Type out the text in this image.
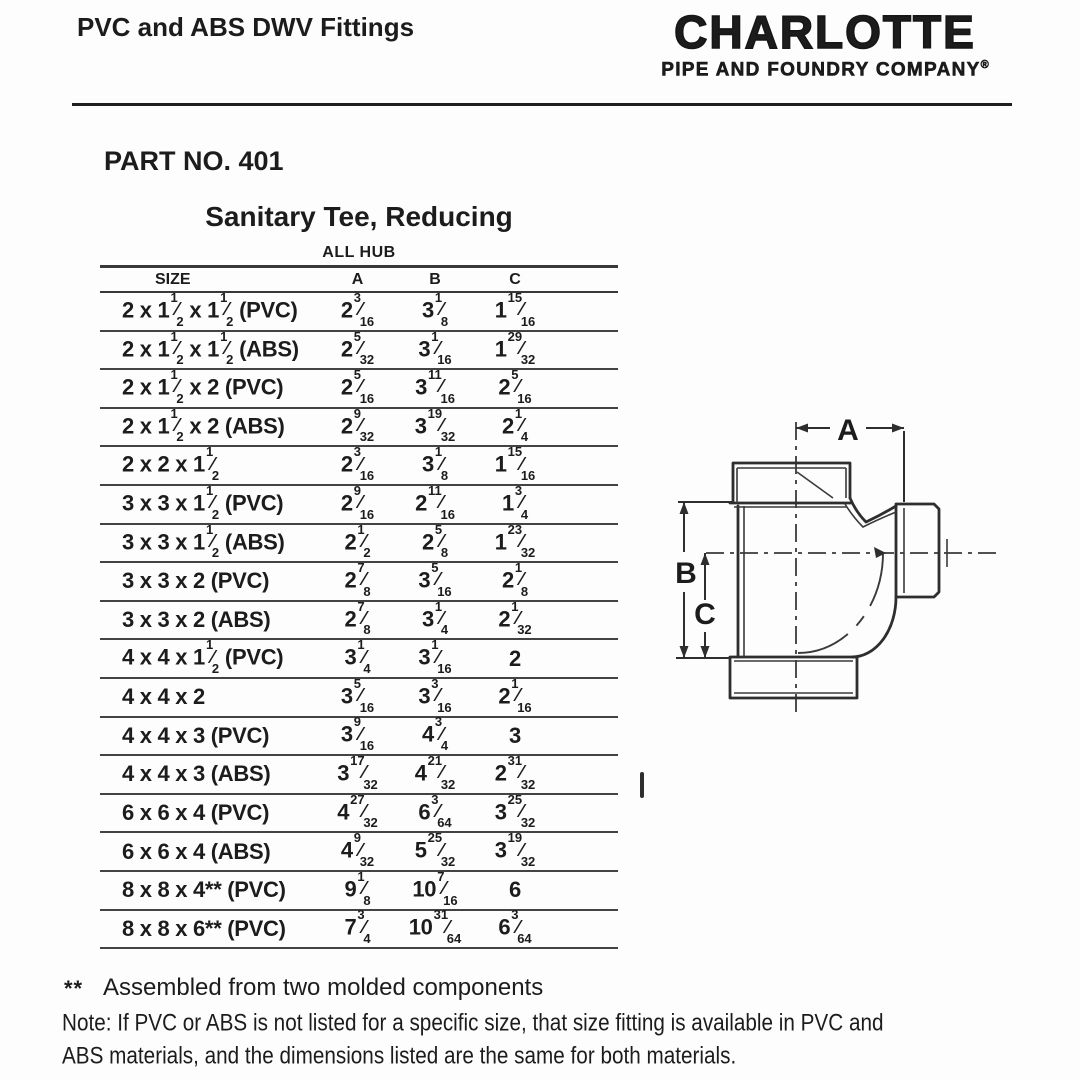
PVC and ABS DWV Fittings	CHARLOTTE
PIPE AND FOUNDRY COMPANY®
PART NO. 401
Sanitary Tee, Reducing
ALL HUB
SIZE	A	B	C
2 x $1^1⁄_2$ x $1^1⁄_2$ (PVC)	$2^3⁄_{16}$	$3^1⁄_8$	$1^{15}⁄_{16}$
2 x $1^1⁄_2$ x $1^1⁄_2$ (ABS)	$2^5⁄_{32}$	$3^1⁄_{16}$	$1^{29}⁄_{32}$
2 x $1^1⁄_2$ x 2 (PVC)	$2^5⁄_{16}$	$3^{11}⁄_{16}$	$2^5⁄_{16}$
2 x $1^1⁄_2$ x 2 (ABS)	$2^9⁄_{32}$	$3^{19}⁄_{32}$	$2^1⁄_4$
2 x 2 x $1^1⁄_2$	$2^3⁄_{16}$	$3^1⁄_8$	$1^{15}⁄_{16}$
3 x 3 x $1^1⁄_2$ (PVC)	$2^9⁄_{16}$	$2^{11}⁄_{16}$	$1^3⁄_4$
3 x 3 x $1^1⁄_2$ (ABS)	$2^1⁄_2$	$2^5⁄_8$	$1^{23}⁄_{32}$
3 x 3 x 2 (PVC)	$2^7⁄_8$	$3^5⁄_{16}$	$2^1⁄_8$
3 x 3 x 2 (ABS)	$2^7⁄_8$	$3^1⁄_4$	$2^1⁄_{32}$
4 x 4 x $1^1⁄_2$ (PVC)	$3^1⁄_4$	$3^1⁄_{16}$	2
4 x 4 x 2	$3^5⁄_{16}$	$3^3⁄_{16}$	$2^1⁄_{16}$
4 x 4 x 3 (PVC)	$3^9⁄_{16}$	$4^3⁄_4$	3
4 x 4 x 3 (ABS)	$3^{17}⁄_{32}$	$4^{21}⁄_{32}$	$2^{31}⁄_{32}$
6 x 6 x 4 (PVC)	$4^{27}⁄_{32}$	$6^3⁄_{64}$	$3^{25}⁄_{32}$
6 x 6 x 4 (ABS)	$4^9⁄_{32}$	$5^{25}⁄_{32}$	$3^{19}⁄_{32}$
8 x 8 x 4** (PVC)	$9^1⁄_8$	$10^7⁄_{16}$	6
8 x 8 x 6** (PVC)	$7^3⁄_4$	$10^{31}⁄_{64}$	$6^3⁄_{64}$
A
B
C
** Assembled from two molded components
Note: If PVC or ABS is not listed for a specific size, that size fitting is available in PVC and
ABS materials, and the dimensions listed are the same for both materials.
